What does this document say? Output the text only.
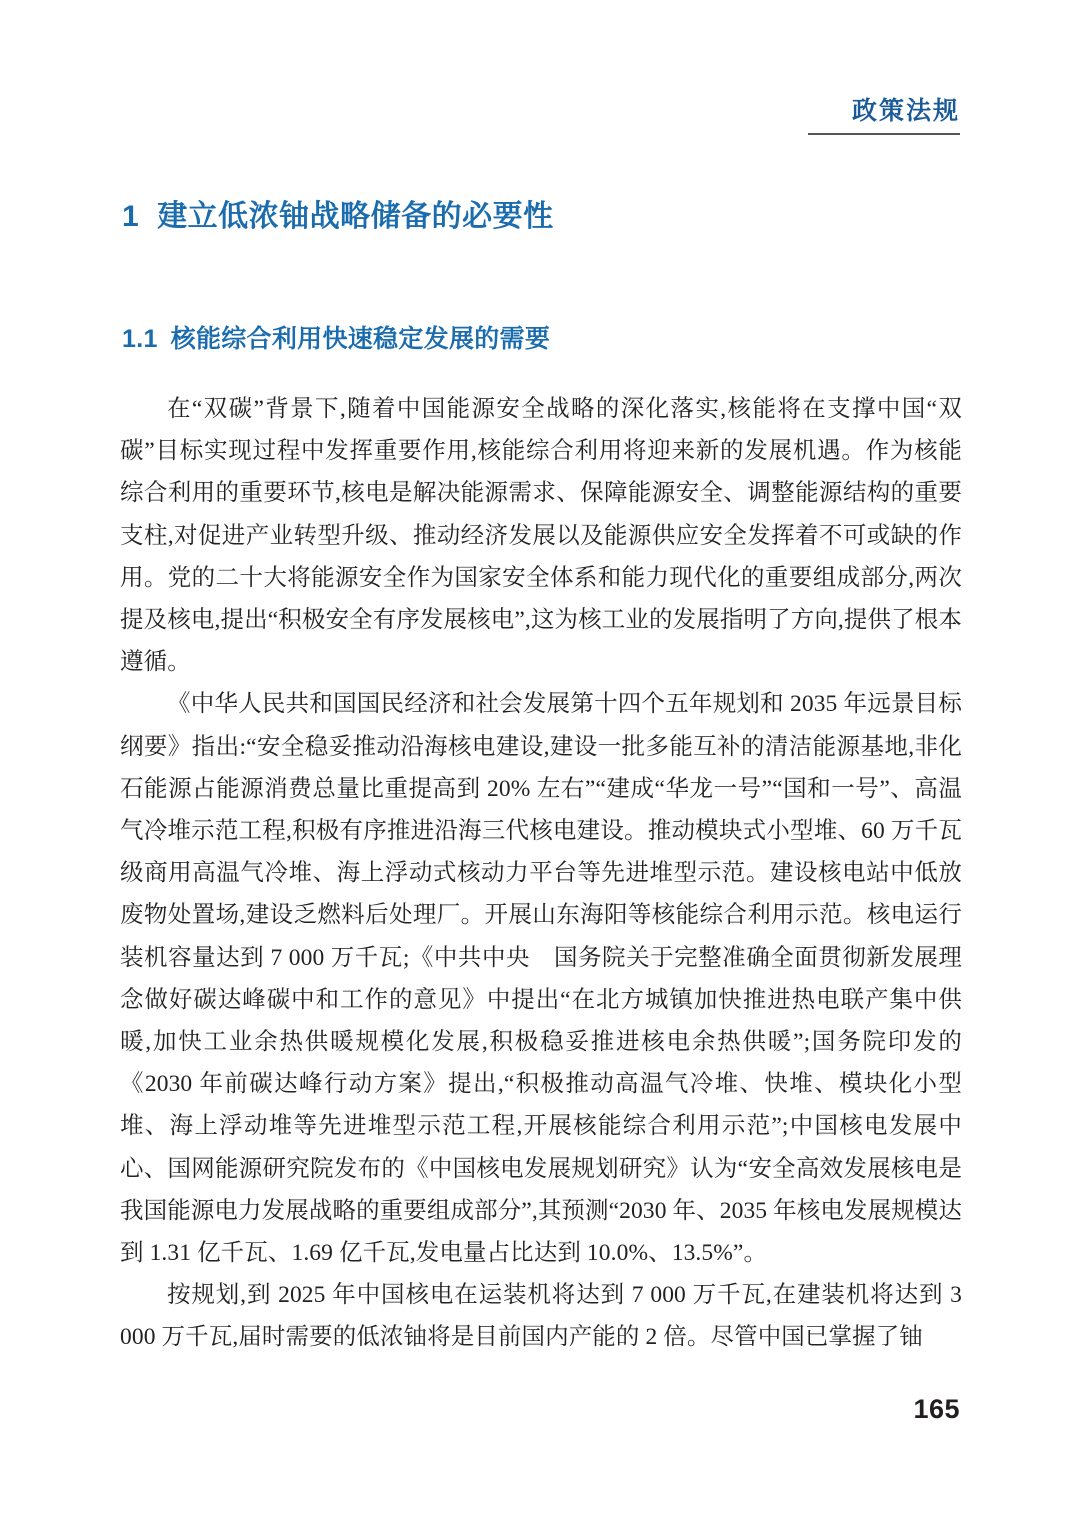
政策法规
1 建立低浓铀战略储备的必要性
1.1 核能综合利用快速稳定发展的需要

在“双碳”背景下,随着中国能源安全战略的深化落实,核能将在支撑中国“双碳”目标实现过程中发挥重要作用,核能综合利用将迎来新的发展机遇。作为核能综合利用的重要环节,核电是解决能源需求、保障能源安全、调整能源结构的重要支柱,对促进产业转型升级、推动经济发展以及能源供应安全发挥着不可或缺的作用。党的二十大将能源安全作为国家安全体系和能力现代化的重要组成部分,两次提及核电,提出“积极安全有序发展核电”,这为核工业的发展指明了方向,提供了根本遵循。

《中华人民共和国国民经济和社会发展第十四个五年规划和 2035 年远景目标纲要》指出:“安全稳妥推动沿海核电建设,建设一批多能互补的清洁能源基地,非化石能源占能源消费总量比重提高到 20% 左右”“建成“华龙一号”“国和一号”、高温气冷堆示范工程,积极有序推进沿海三代核电建设。推动模块式小型堆、60 万千瓦级商用高温气冷堆、海上浮动式核动力平台等先进堆型示范。建设核电站中低放废物处置场,建设乏燃料后处理厂。开展山东海阳等核能综合利用示范。核电运行装机容量达到 7 000 万千瓦;《中共中央　国务院关于完整准确全面贯彻新发展理念做好碳达峰碳中和工作的意见》中提出“在北方城镇加快推进热电联产集中供暖,加快工业余热供暖规模化发展,积极稳妥推进核电余热供暖”;国务院印发的《2030 年前碳达峰行动方案》提出,“积极推动高温气冷堆、快堆、模块化小型堆、海上浮动堆等先进堆型示范工程,开展核能综合利用示范”;中国核电发展中心、国网能源研究院发布的《中国核电发展规划研究》认为“安全高效发展核电是我国能源电力发展战略的重要组成部分”,其预测“2030 年、2035 年核电发展规模达到 1.31 亿千瓦、1.69 亿千瓦,发电量占比达到 10.0%、13.5%”。

按规划,到 2025 年中国核电在运装机将达到 7 000 万千瓦,在建装机将达到 3 000 万千瓦,届时需要的低浓铀将是目前国内产能的 2 倍。尽管中国已掌握了铀

165
